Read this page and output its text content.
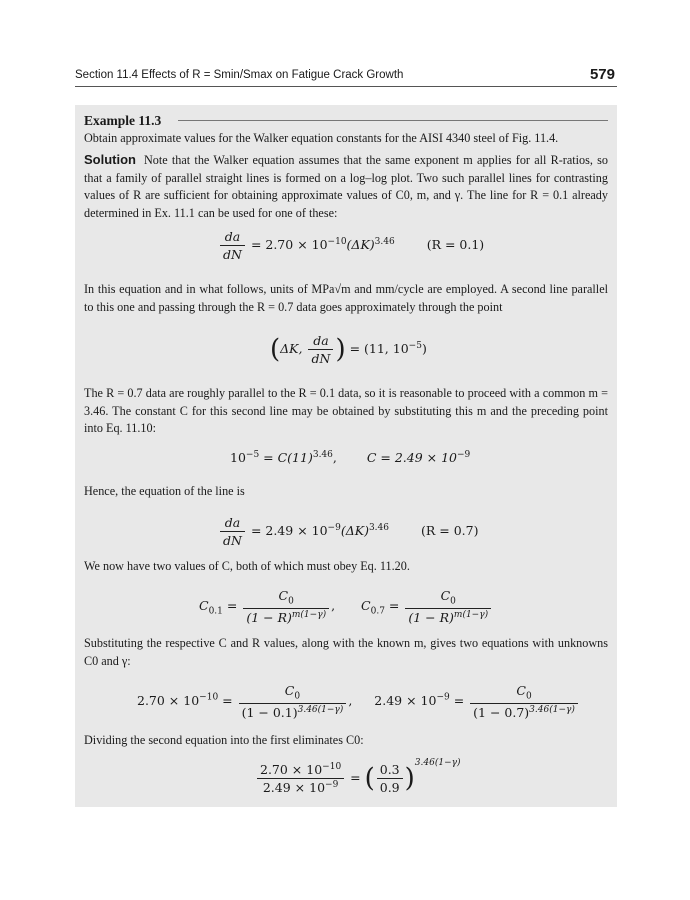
Section 11.4 Effects of R = Smin/Smax on Fatigue Crack Growth	579
Example 11.3
Obtain approximate values for the Walker equation constants for the AISI 4340 steel of Fig. 11.4.
Solution Note that the Walker equation assumes that the same exponent m applies for all R-ratios, so that a family of parallel straight lines is formed on a log–log plot. Two such parallel lines for contrasting values of R are sufficient for obtaining approximate values of C0, m, and γ. The line for R = 0.1 already determined in Ex. 11.1 can be used for one of these:
$\frac{da}{dN} = 2.70 \times 10^{-10}(\Delta K)^{3.46}$	(R = 0.1)
In this equation and in what follows, units of MPa√m and mm/cycle are employed. A second line parallel to this one and passing through the R = 0.7 data goes approximately through the point
(ΔK, $\frac{da}{dN}$ ) = (11, $10^{-5}$)
The R = 0.7 data are roughly parallel to the R = 0.1 data, so it is reasonable to proceed with a common m = 3.46. The constant C for this second line may be obtained by substituting this m and the preceding point into Eq. 11.10:
$10^{-5} = C(11)^{3.46}$, $C = 2.49 \times 10^{-9}$
Hence, the equation of the line is
$\frac{da}{dN} = 2.49 \times 10^{-9}(\Delta K)^{3.46}$	(R = 0.7)
We now have two values of C, both of which must obey Eq. 11.20.
$C_{0.1} = \frac{C_0}{(1 - R)^{m(1-\gamma)}}$ , $C_{0.7} = \frac{C_0}{(1 - R)^{m(1-\gamma)}}$
Substituting the respective C and R values, along with the known m, gives two equations with unknowns C0 and γ:
$2.70 \times 10^{-10} = \frac{C_0}{(1 - 0.1)^{3.46(1-\gamma)}}$ , $2.49 \times 10^{-9} = \frac{C_0}{(1 - 0.7)^{3.46(1-\gamma)}}$
Dividing the second equation into the first eliminates C0:
$\frac{2.70 \times 10^{-10}}{2.49 \times 10^{-9}}$ = ( $\frac{0.3}{0.9} )^{3.46(1-\gamma)}$
